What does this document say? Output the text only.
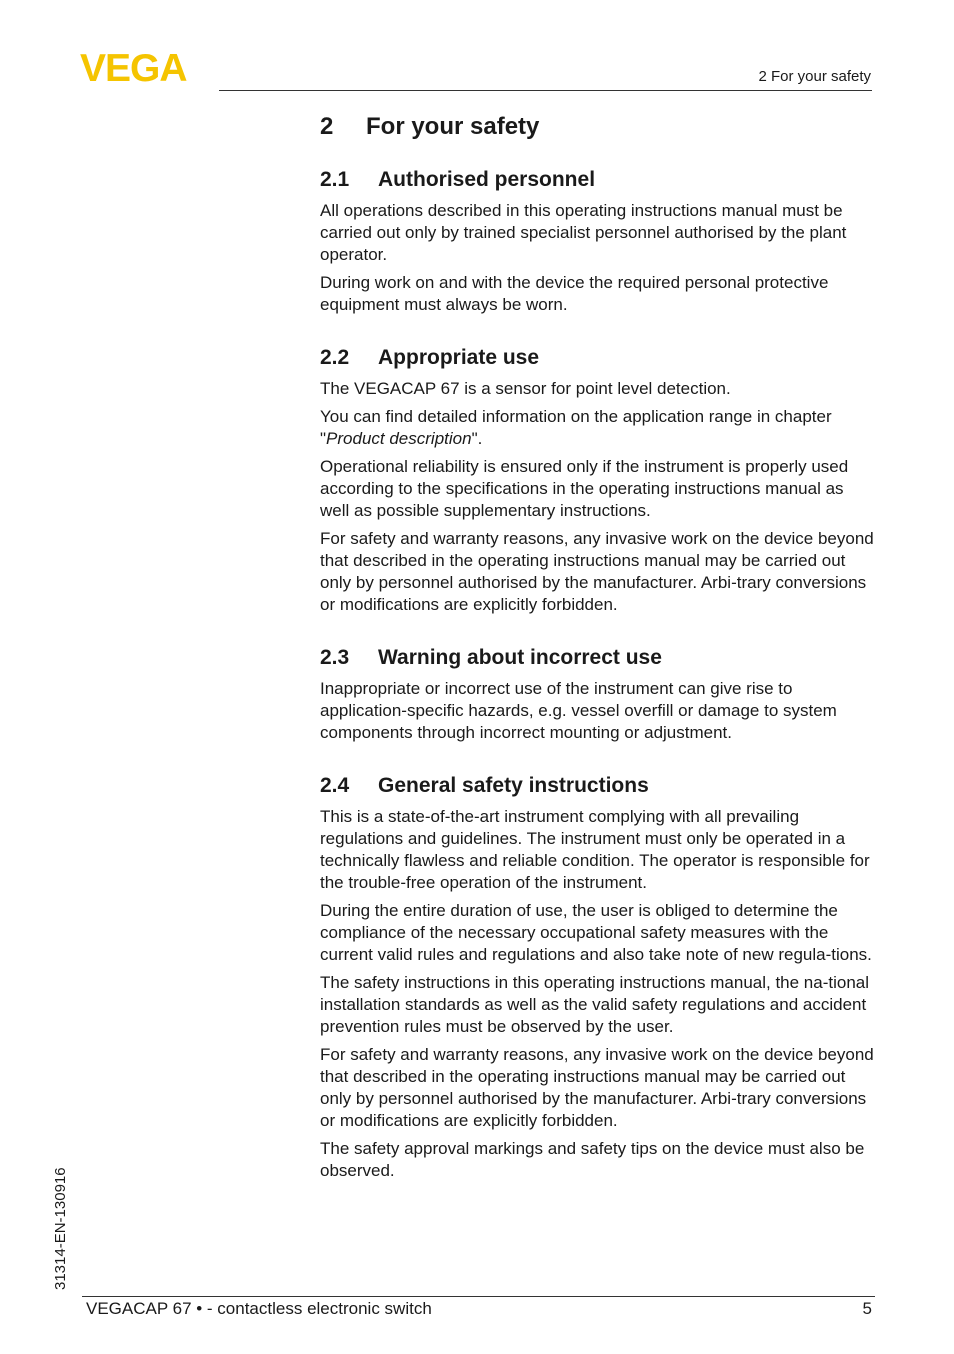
VEGA	2 For your safety
2 For your safety
2.1 Authorised personnel

All operations described in this operating instructions manual must be carried out only by trained specialist personnel authorised by the plant operator.

During work on and with the device the required personal protective equipment must always be worn.

2.2 Appropriate use

The VEGACAP 67 is a sensor for point level detection.

You can find detailed information on the application range in chapter "Product description".

Operational reliability is ensured only if the instrument is properly used according to the specifications in the operating instructions manual as well as possible supplementary instructions.

For safety and warranty reasons, any invasive work on the device beyond that described in the operating instructions manual may be carried out only by personnel authorised by the manufacturer. Arbi-trary conversions or modifications are explicitly forbidden.

2.3 Warning about incorrect use

Inappropriate or incorrect use of the instrument can give rise to application-specific hazards, e.g. vessel overfill or damage to system components through incorrect mounting or adjustment.

2.4 General safety instructions

This is a state-of-the-art instrument complying with all prevailing regulations and guidelines. The instrument must only be operated in a technically flawless and reliable condition. The operator is responsible for the trouble-free operation of the instrument.

During the entire duration of use, the user is obliged to determine the compliance of the necessary occupational safety measures with the current valid rules and regulations and also take note of new regula-tions.

The safety instructions in this operating instructions manual, the na-tional installation standards as well as the valid safety regulations and accident prevention rules must be observed by the user.

For safety and warranty reasons, any invasive work on the device beyond that described in the operating instructions manual may be carried out only by personnel authorised by the manufacturer. Arbi-trary conversions or modifications are explicitly forbidden.

The safety approval markings and safety tips on the device must also be observed.

31314-EN-130916
VEGACAP 67 • - contactless electronic switch	5
